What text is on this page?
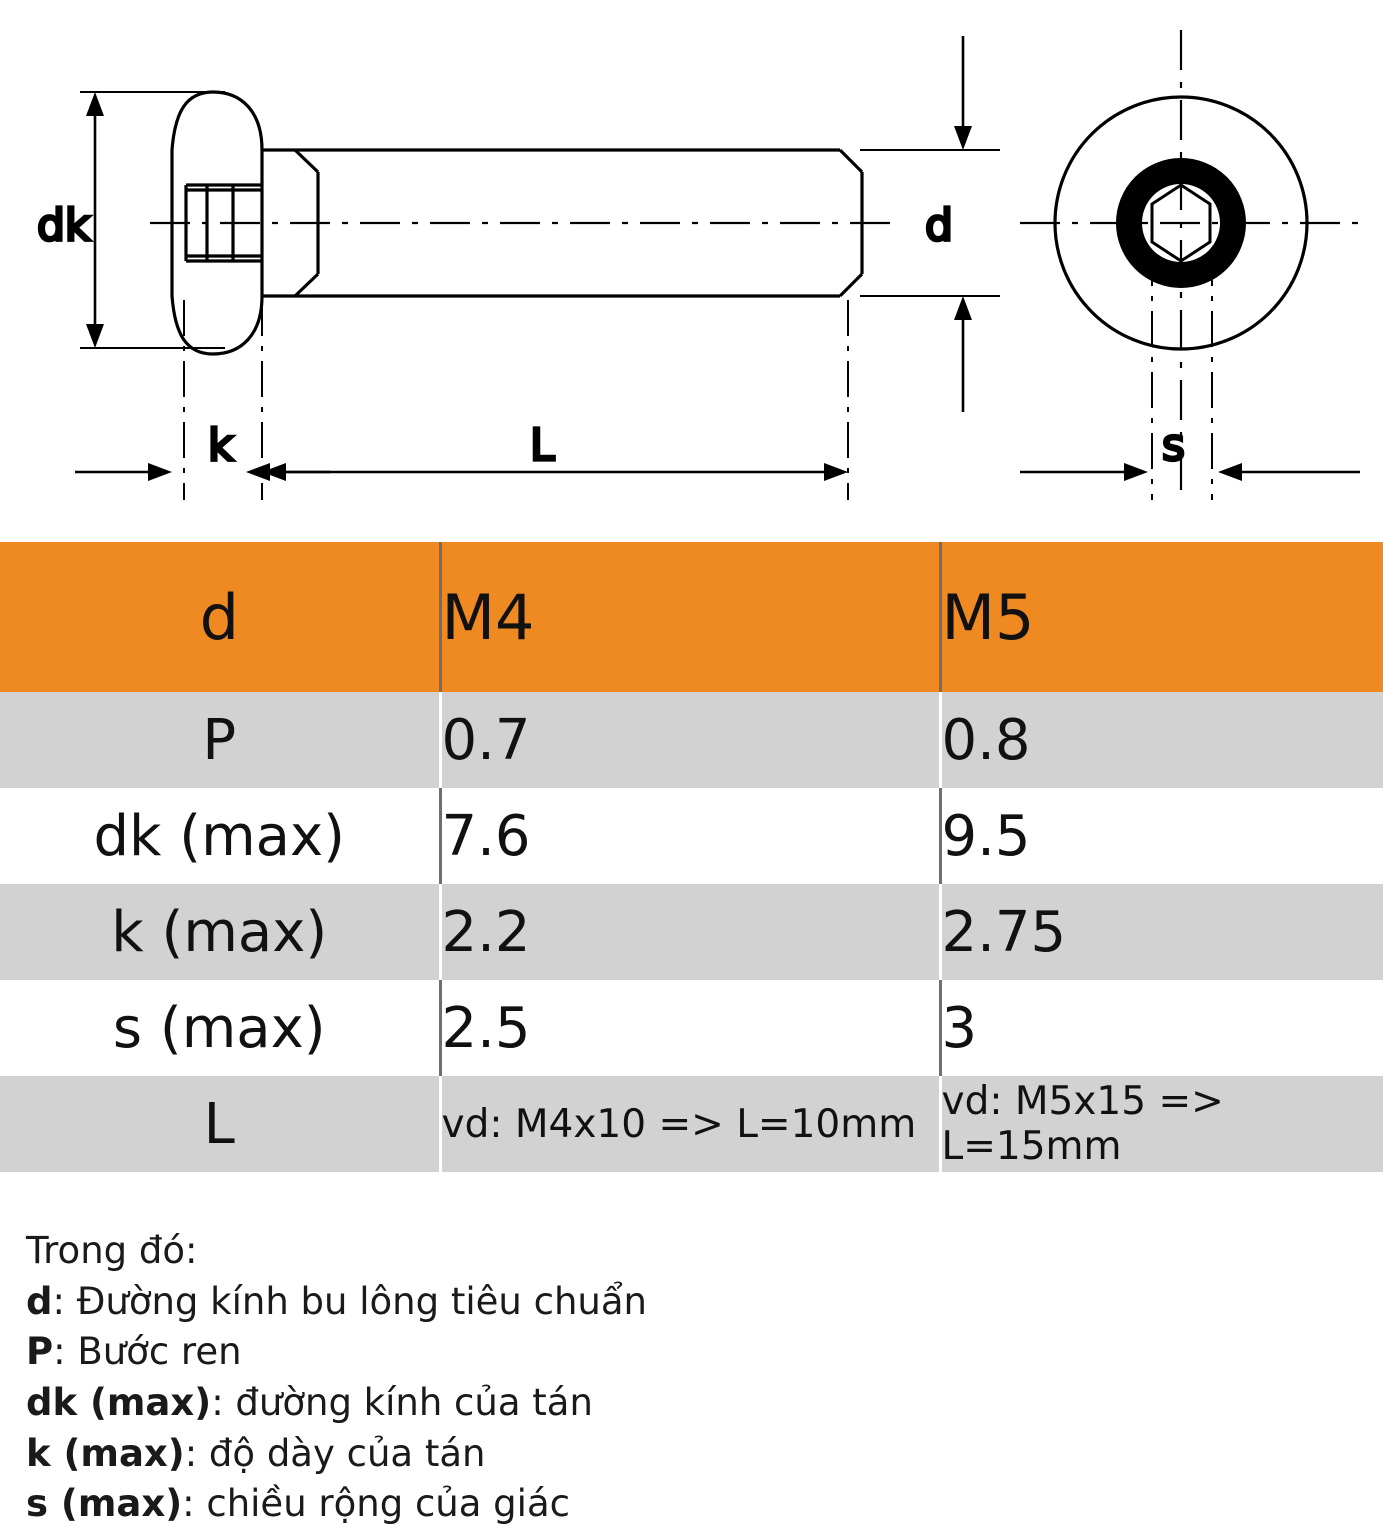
dk
k	L
d
s
d	M4	M5
P	0.7	0.8
dk (max)	7.6	9.5
k (max)	2.2	2.75
s (max)	2.5	3
L	vd: M4x10 => L=10mm	vd: M5x15 => L=15mm
Trong đó:
d: Đường kính bu lông tiêu chuẩn
P: Bước ren
dk (max): đường kính của tán
k (max): độ dày của tán
s (max): chiều rộng của giác
